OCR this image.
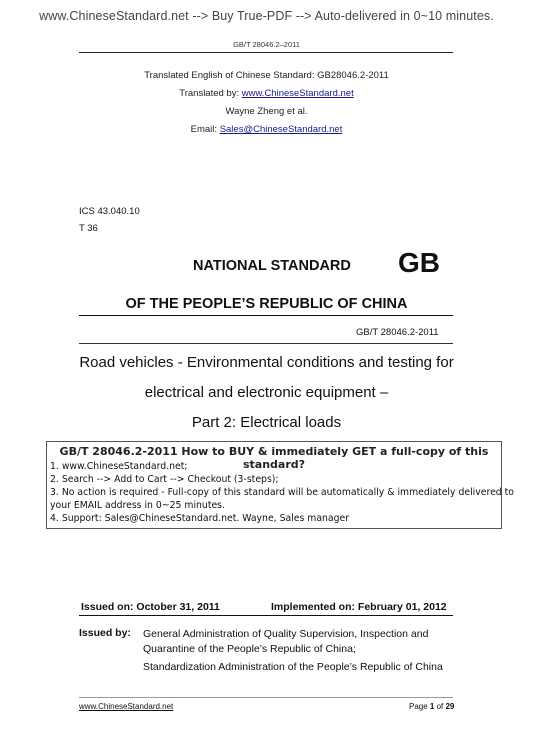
www.ChineseStandard.net --> Buy True-PDF --> Auto-delivered in 0~10 minutes.
GB/T 28046.2–2011
Translated English of Chinese Standard: GB28046.2-2011
Translated by: www.ChineseStandard.net
Wayne Zheng et al.
Email: Sales@ChineseStandard.net
ICS 43.040.10
T 36
NATIONAL STANDARD GB
OF THE PEOPLE’S REPUBLIC OF CHINA
GB/T 28046.2-2011
Road vehicles - Environmental conditions and testing for
electrical and electronic equipment –
Part 2: Electrical loads
GB/T 28046.2-2011 How to BUY & immediately GET a full-copy of this standard?
1. www.ChineseStandard.net;
2. Search --> Add to Cart --> Checkout (3-steps);
3. No action is required - Full-copy of this standard will be automatically & immediately delivered to
your EMAIL address in 0~25 minutes.
4. Support: Sales@ChineseStandard.net. Wayne, Sales manager
Issued on: October 31, 2011	Implemented on: February 01, 2012
Issued by: General Administration of Quality Supervision, Inspection and
Quarantine of the People’s Republic of China;
Standardization Administration of the People’s Republic of China
www.ChineseStandard.net	Page 1 of 29
